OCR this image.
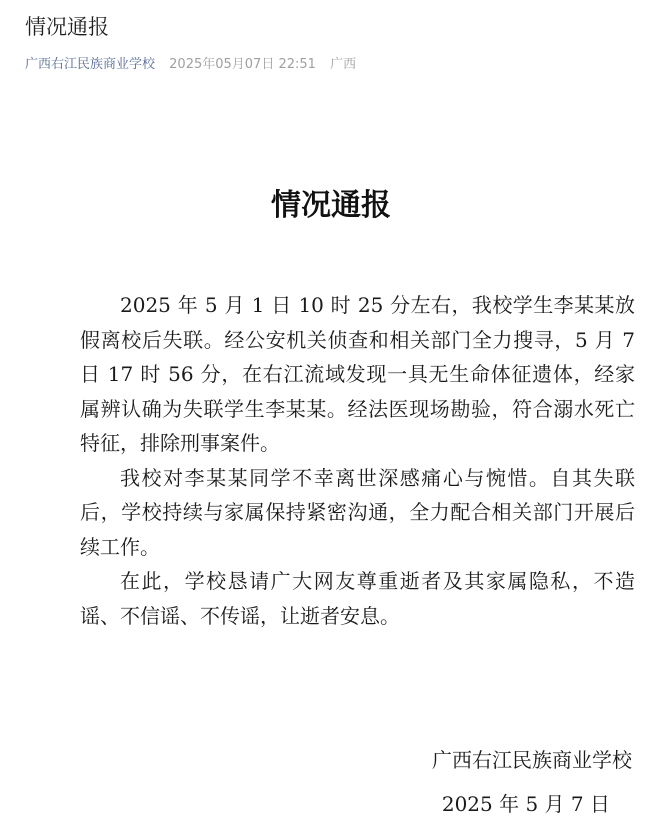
情况通报
广西右江民族商业学校 2025年05月07日 22:51 广西
情况通报

2025 年 5 月 1 日 10 时 25 分左右，我校学生李某某放假离校后失联。经公安机关侦查和相关部门全力搜寻，5 月 7 日 17 时 56 分，在右江流域发现一具无生命体征遗体，经家属辨认确为失联学生李某某。经法医现场勘验，符合溺水死亡特征，排除刑事案件。

我校对李某某同学不幸离世深感痛心与惋惜。自其失联后，学校持续与家属保持紧密沟通，全力配合相关部门开展后续工作。

在此，学校恳请广大网友尊重逝者及其家属隐私，不造谣、不信谣、不传谣，让逝者安息。

广西右江民族商业学校
2025 年 5 月 7 日
